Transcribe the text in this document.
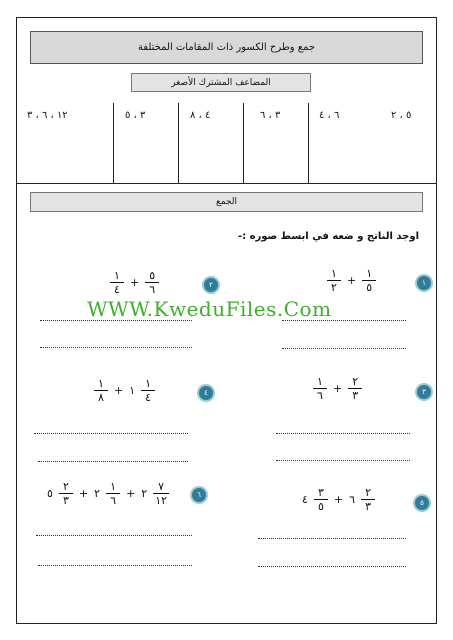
جمع وطرح الكسور ذات المقامات المختلفة
المضاعف المشترك الأصغر
٥ ، ٢
٦ ، ٤
٣ ، ٦
٤ ، ٨
٣ ، ٥
١٢ ، ٦ ، ٣
الجمع
اوجد الناتج و ضعه في ابسط صوره :-
١
$\frac{١}{٢} + \frac{١}{٥}$
٢
$\frac{١}{٤} + \frac{٥}{٦}$
WWW.KweduFiles.Com
٣
$\frac{١}{٦} + \frac{٢}{٣}$
٤
$\frac{١}{٨}$ + ١ $\frac{١}{٤}$
٥
٤ $\frac{٣}{٥}$ + ٦ $\frac{٢}{٣}$
٦
٥ $\frac{٢}{٣}$ + ٢ $\frac{١}{٦}$ + ٢ $\frac{٧}{١٢}$
